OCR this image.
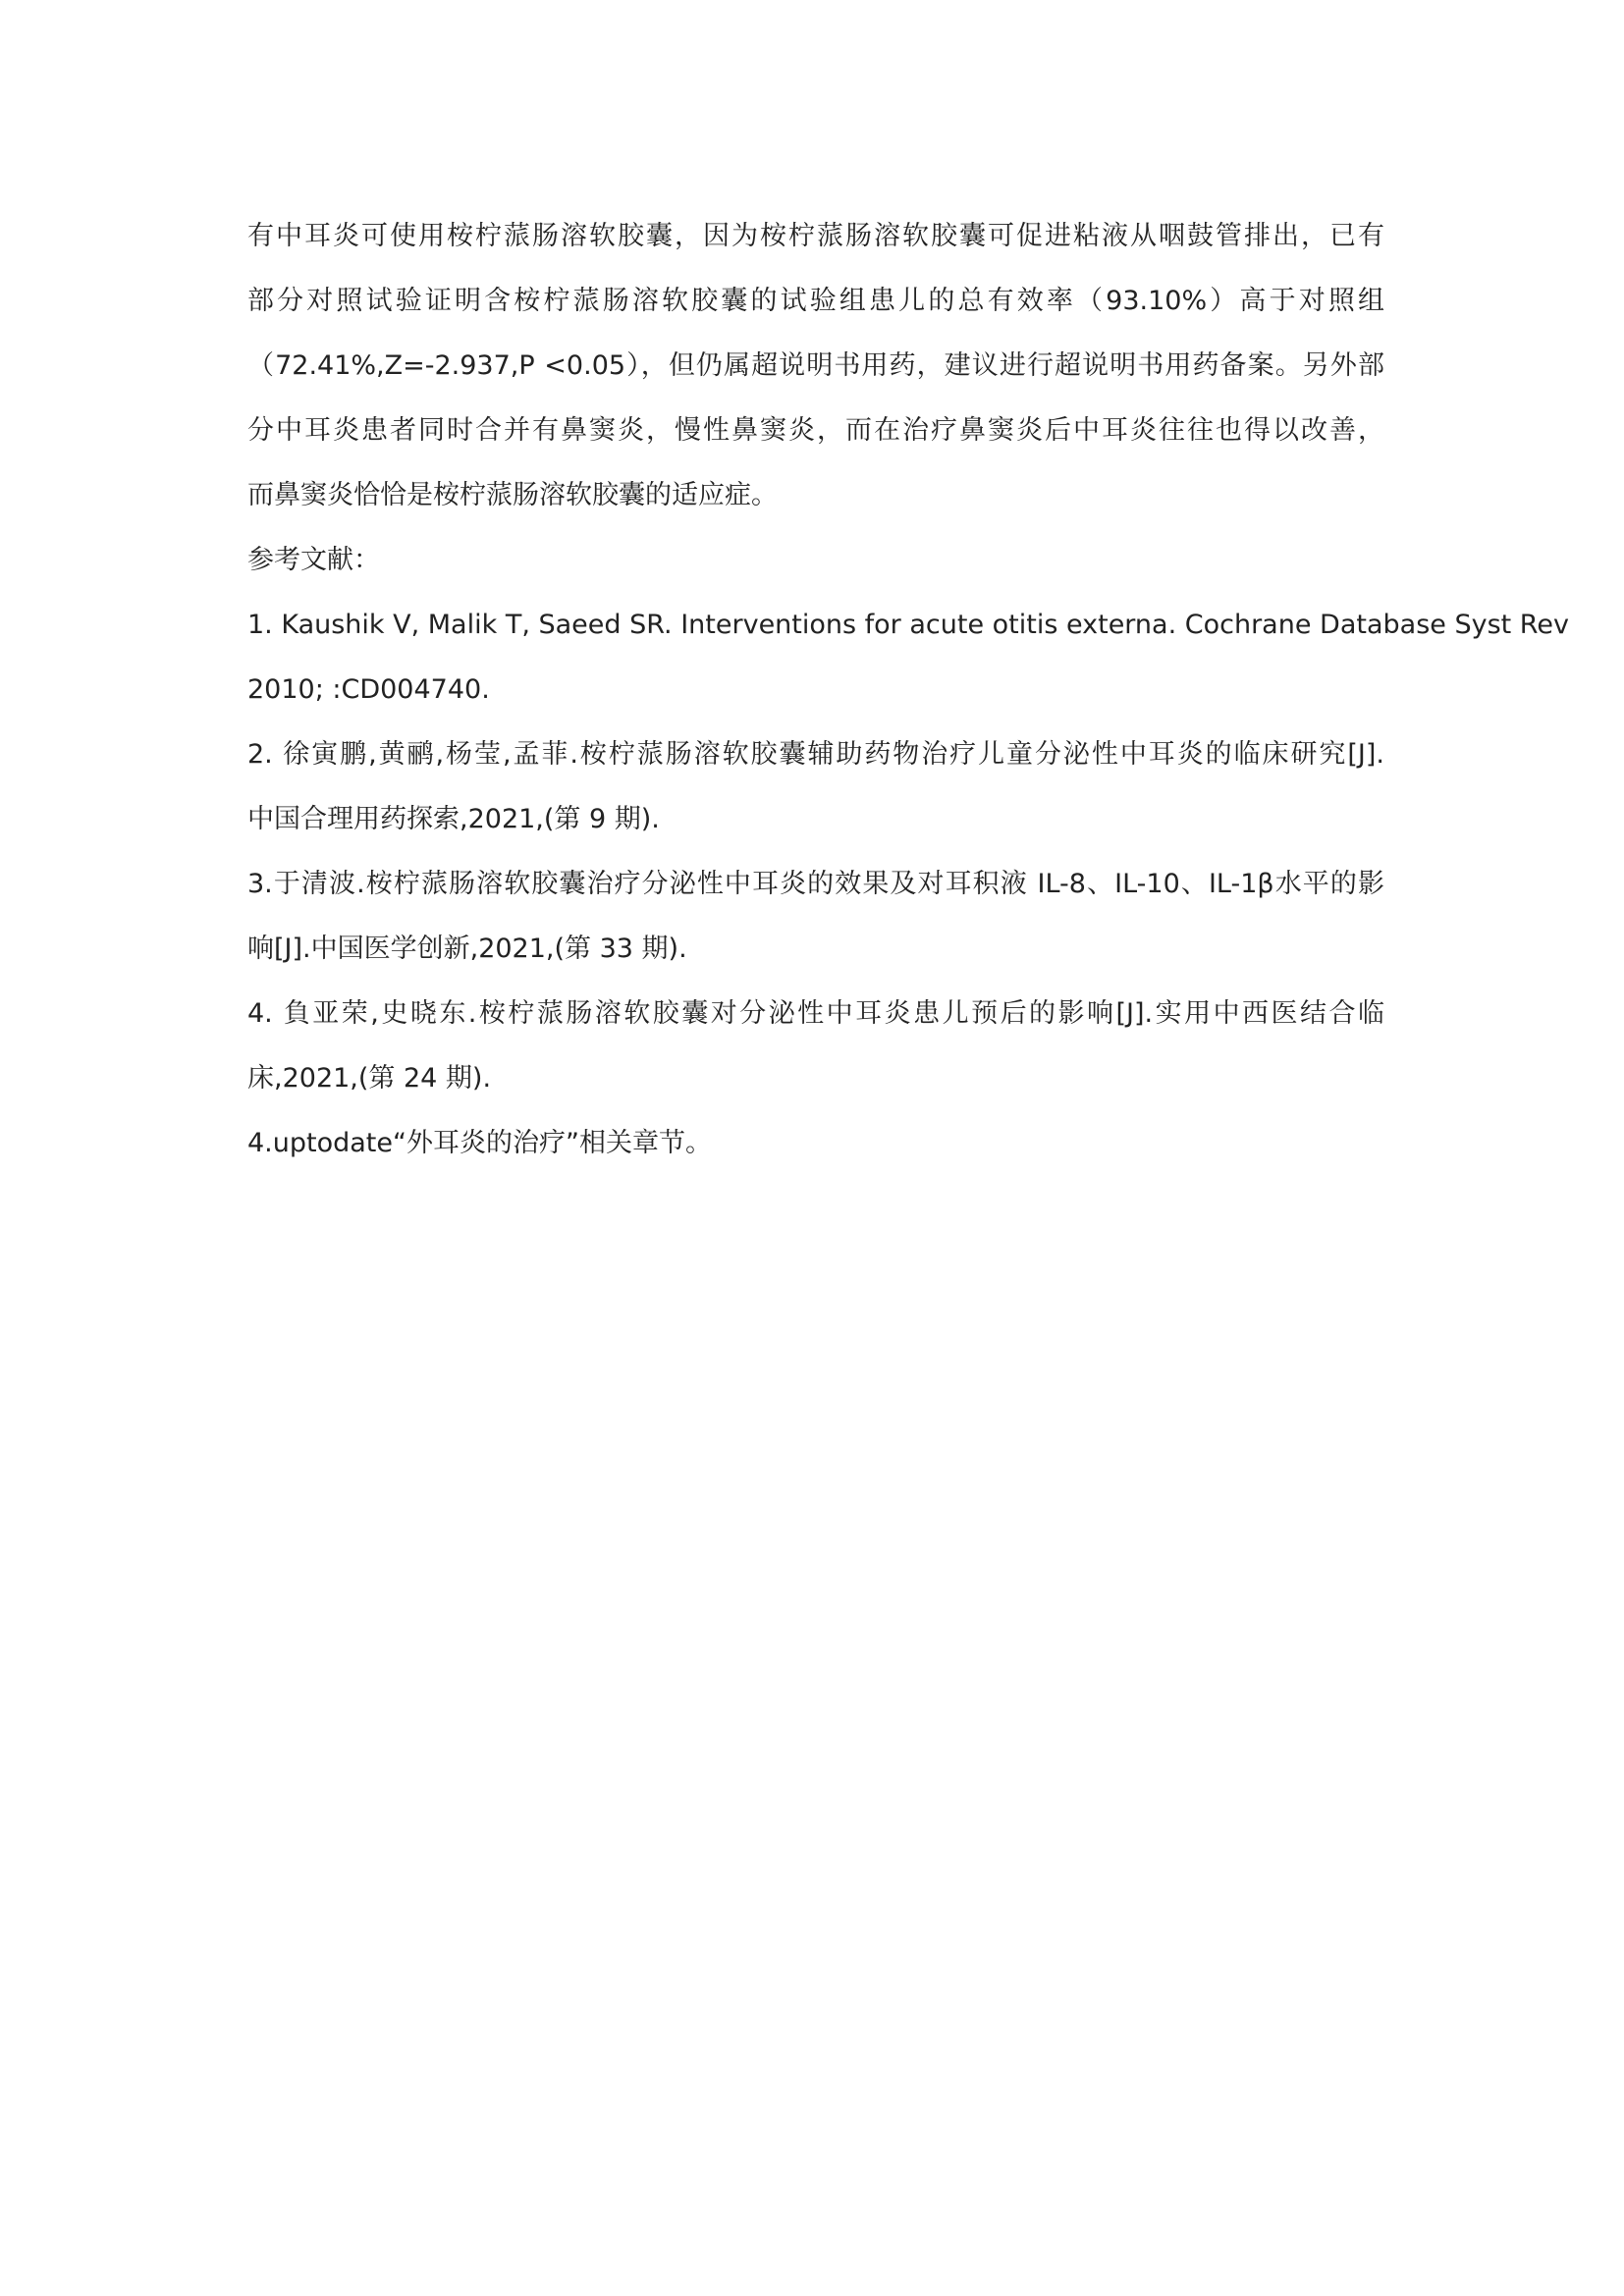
有中耳炎可使用桉柠蒎肠溶软胶囊，因为桉柠蒎肠溶软胶囊可促进粘液从咽鼓管排出，已有
部分对照试验证明含桉柠蒎肠溶软胶囊的试验组患儿的总有效率（93.10%）高于对照组
（72.41%,Z=-2.937,P <0.05），但仍属超说明书用药，建议进行超说明书用药备案。另外部
分中耳炎患者同时合并有鼻窦炎，慢性鼻窦炎，而在治疗鼻窦炎后中耳炎往往也得以改善，
而鼻窦炎恰恰是桉柠蒎肠溶软胶囊的适应症。
参考文献：
1. Kaushik V, Malik T, Saeed SR. Interventions for acute otitis externa. Cochrane Database Syst Rev
2010; :CD004740.
2. 徐寅鹏,黄鹂,杨莹,孟菲.桉柠蒎肠溶软胶囊辅助药物治疗儿童分泌性中耳炎的临床研究[J].
中国合理用药探索,2021,(第 9 期).
3.于清波.桉柠蒎肠溶软胶囊治疗分泌性中耳炎的效果及对耳积液 IL-8、IL-10、IL-1β水平的影
响[J].中国医学创新,2021,(第 33 期).
4. 負亚荣,史晓东.桉柠蒎肠溶软胶囊对分泌性中耳炎患儿预后的影响[J].实用中西医结合临
床,2021,(第 24 期).
4.uptodate“外耳炎的治疗”相关章节。
